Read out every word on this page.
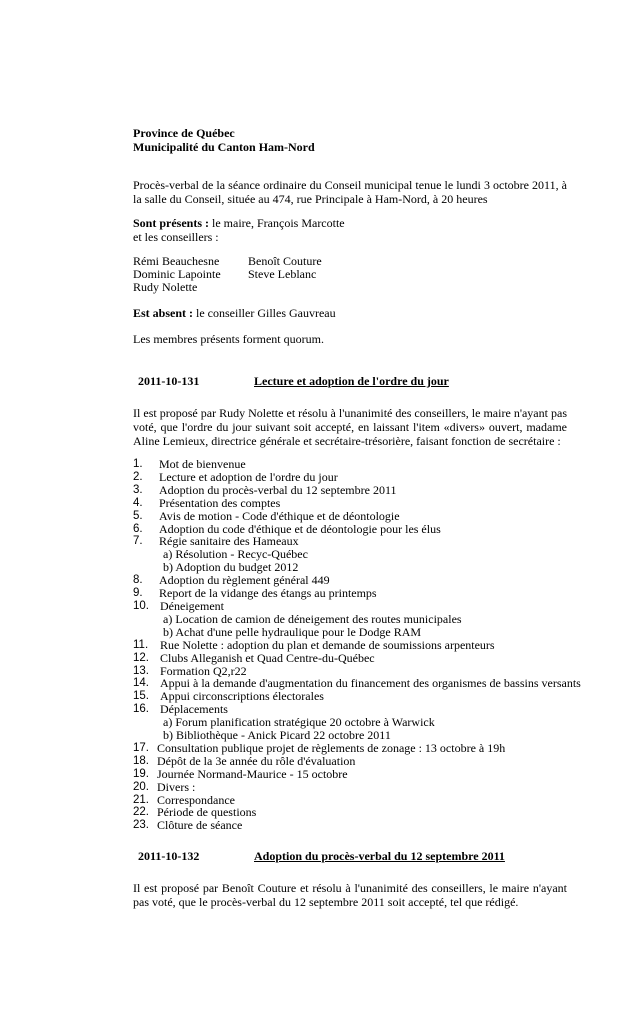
Province de Québec
Municipalité du Canton Ham-Nord
Procès-verbal de la séance ordinaire du Conseil municipal tenue le lundi 3 octobre 2011, à la salle du Conseil, située au 474, rue Principale à Ham-Nord, à 20 heures
Sont présents : le maire, François Marcotte
et les conseillers :
Rémi Beauchesne Benoît Couture
Dominic Lapointe Steve Leblanc
Rudy Nolette
Est absent : le conseiller Gilles Gauvreau
Les membres présents forment quorum.
2011-10-131	Lecture et adoption de l'ordre du jour
Il est proposé par Rudy Nolette et résolu à l'unanimité des conseillers, le maire n'ayant pas voté, que l'ordre du jour suivant soit accepté, en laissant l'item «divers» ouvert, madame Aline Lemieux, directrice générale et secrétaire-trésorière, faisant fonction de secrétaire :
1.	Mot de bienvenue
2.	Lecture et adoption de l'ordre du jour
3.	Adoption du procès-verbal du 12 septembre 2011
4.	Présentation des comptes
5.	Avis de motion - Code d'éthique et de déontologie
6.	Adoption du code d'éthique et de déontologie pour les élus
7.	Régie sanitaire des Hameaux
a) Résolution - Recyc-Québec
b) Adoption du budget 2012
8.	Adoption du règlement général 449
9.	Report de la vidange des étangs au printemps
10. Déneigement
a) Location de camion de déneigement des routes municipales
b) Achat d'une pelle hydraulique pour le Dodge RAM
11. Rue Nolette : adoption du plan et demande de soumissions arpenteurs
12. Clubs Alleganish et Quad Centre-du-Québec
13. Formation Q2,r22
14. Appui à la demande d'augmentation du financement des organismes de bassins versants
15. Appui circonscriptions électorales
16. Déplacements
a) Forum planification stratégique 20 octobre à Warwick
b) Bibliothèque - Anick Picard 22 octobre 2011
17. Consultation publique projet de règlements de zonage : 13 octobre à 19h
18. Dépôt de la 3e année du rôle d'évaluation
19. Journée Normand-Maurice - 15 octobre
20. Divers :
21. Correspondance
22. Période de questions
23. Clôture de séance
2011-10-132	Adoption du procès-verbal du 12 septembre 2011
Il est proposé par Benoît Couture et résolu à l'unanimité des conseillers, le maire n'ayant pas voté, que le procès-verbal du 12 septembre 2011 soit accepté, tel que rédigé.
